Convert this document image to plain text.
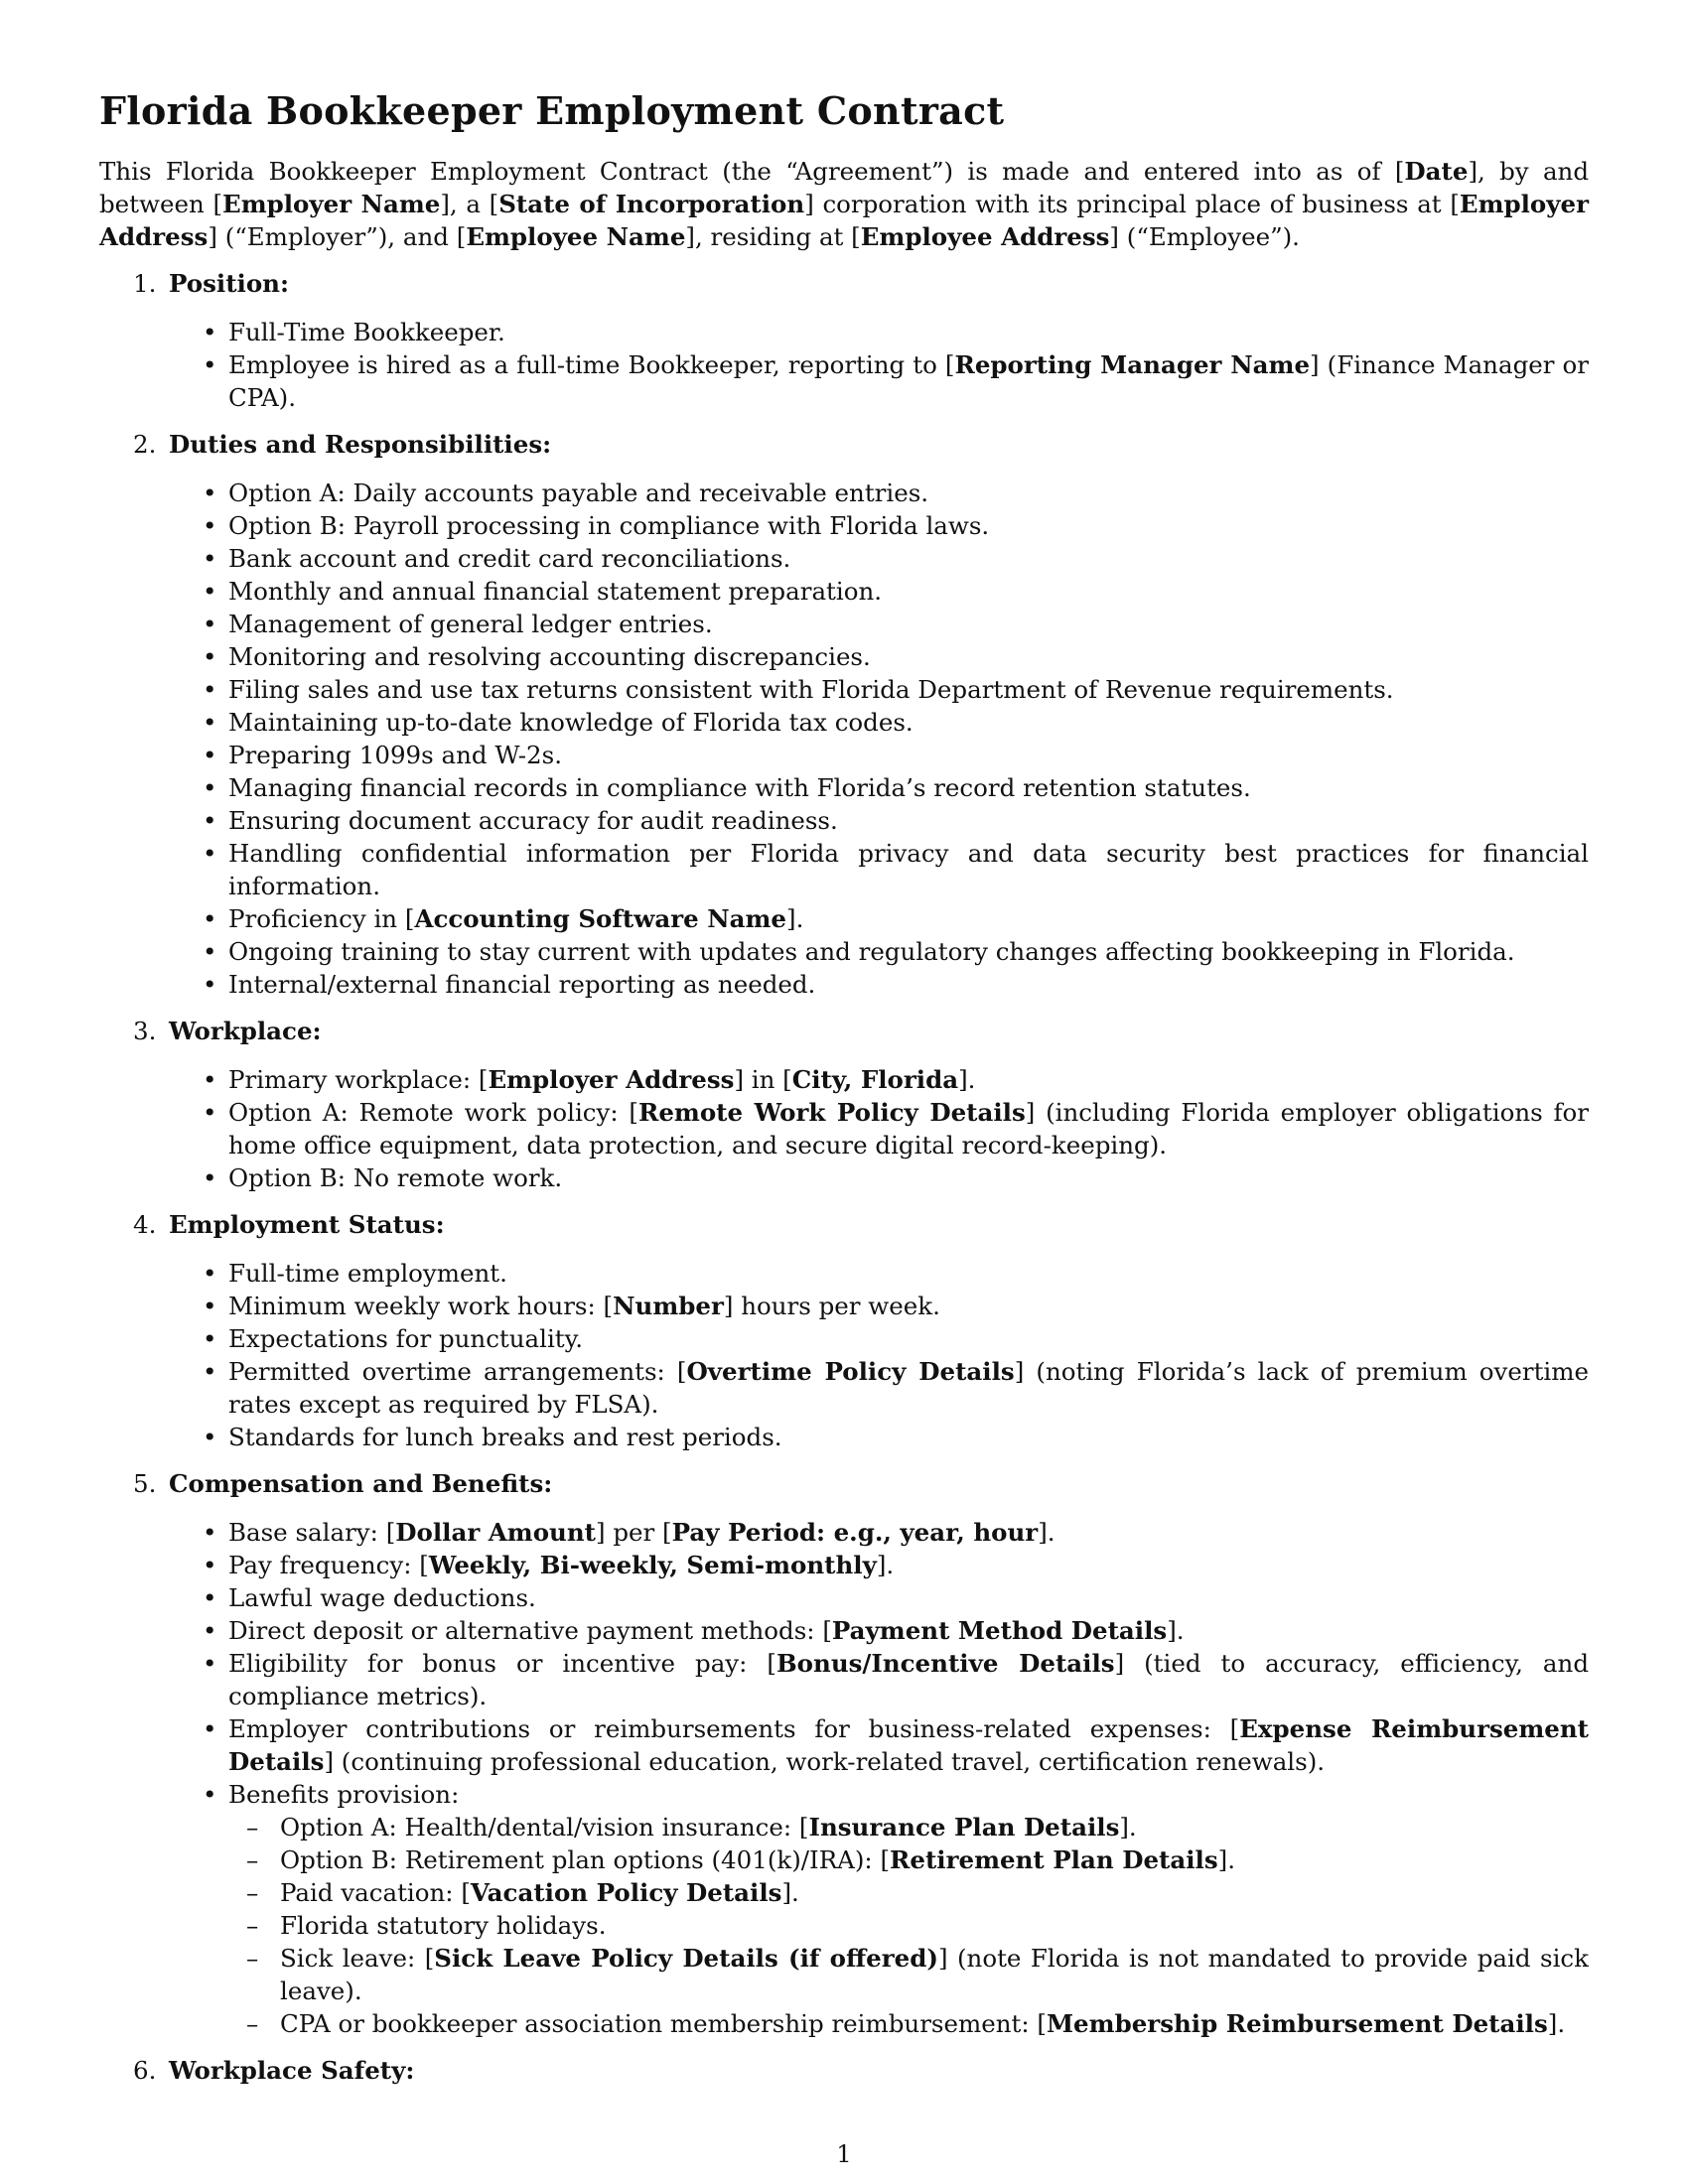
Florida Bookkeeper Employment Contract

This Florida Bookkeeper Employment Contract (the “Agreement”) is made and entered into as of [Date], by and between [Employer Name], a [State of Incorporation] corporation with its principal place of business at [Employer Address] (“Employer”), and [Employee Name], residing at [Employee Address] (“Employee”).

1. Position:
• Full-Time Bookkeeper.
• Employee is hired as a full-time Bookkeeper, reporting to [Reporting Manager Name] (Finance Manager or CPA).
2. Duties and Responsibilities:
• Option A: Daily accounts payable and receivable entries.
• Option B: Payroll processing in compliance with Florida laws.
• Bank account and credit card reconciliations.
• Monthly and annual financial statement preparation.
• Management of general ledger entries.
• Monitoring and resolving accounting discrepancies.
• Filing sales and use tax returns consistent with Florida Department of Revenue requirements.
• Maintaining up-to-date knowledge of Florida tax codes.
• Preparing 1099s and W-2s.
• Managing financial records in compliance with Florida’s record retention statutes.
• Ensuring document accuracy for audit readiness.
• Handling confidential information per Florida privacy and data security best practices for financial information.
• Proficiency in [Accounting Software Name].
• Ongoing training to stay current with updates and regulatory changes affecting bookkeeping in Florida.
• Internal/external financial reporting as needed.
3. Workplace:
• Primary workplace: [Employer Address] in [City, Florida].
• Option A: Remote work policy: [Remote Work Policy Details] (including Florida employer obligations for home office equipment, data protection, and secure digital record-keeping).
• Option B: No remote work.
4. Employment Status:
• Full-time employment.
• Minimum weekly work hours: [Number] hours per week.
• Expectations for punctuality.
• Permitted overtime arrangements: [Overtime Policy Details] (noting Florida’s lack of premium overtime rates except as required by FLSA).
• Standards for lunch breaks and rest periods.
5. Compensation and Benefits:
• Base salary: [Dollar Amount] per [Pay Period: e.g., year, hour].
• Pay frequency: [Weekly, Bi-weekly, Semi-monthly].
• Lawful wage deductions.
• Direct deposit or alternative payment methods: [Payment Method Details].
• Eligibility for bonus or incentive pay: [Bonus/Incentive Details] (tied to accuracy, efficiency, and compliance metrics).
• Employer contributions or reimbursements for business-related expenses: [Expense Reimbursement Details] (continuing professional education, work-related travel, certification renewals).
• Benefits provision:
– Option A: Health/dental/vision insurance: [Insurance Plan Details].
– Option B: Retirement plan options (401(k)/IRA): [Retirement Plan Details].
– Paid vacation: [Vacation Policy Details].
– Florida statutory holidays.
– Sick leave: [Sick Leave Policy Details (if offered)] (note Florida is not mandated to provide paid sick leave).
– CPA or bookkeeper association membership reimbursement: [Membership Reimbursement Details].
6. Workplace Safety:
1
